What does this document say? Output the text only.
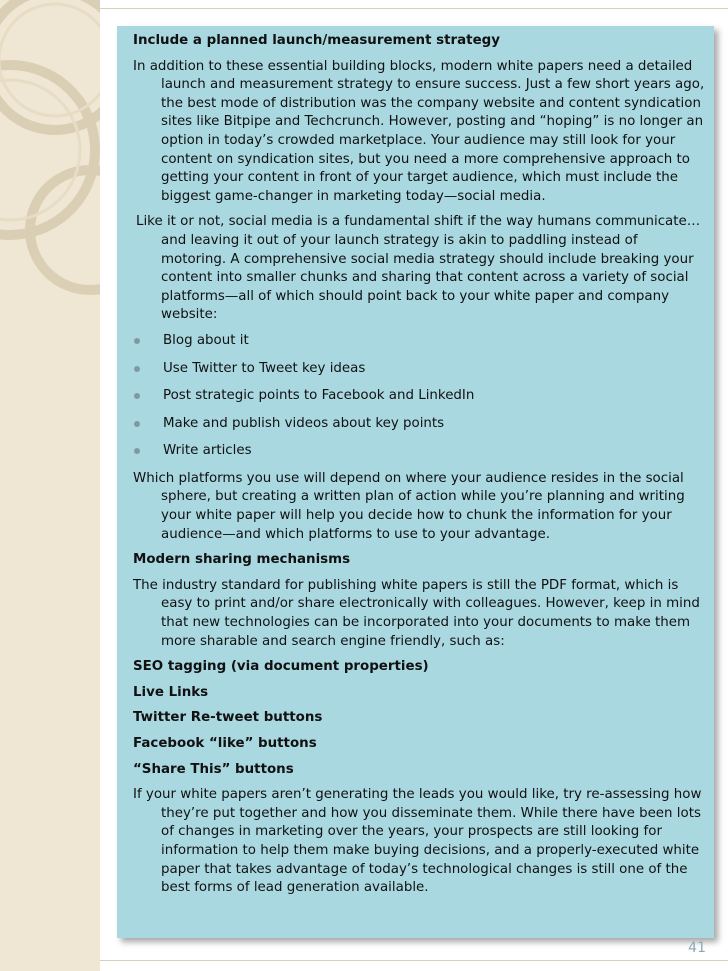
Include a planned launch/measurement strategy
In addition to these essential building blocks, modern white papers need a detailed launch and measurement strategy to ensure success. Just a few short years ago, the best mode of distribution was the company website and content syndication sites like Bitpipe and Techcrunch. However, posting and “hoping” is no longer an option in today’s crowded marketplace. Your audience may still look for your content on syndication sites, but you need a more comprehensive approach to getting your content in front of your target audience, which must include the biggest game-changer in marketing today—social media.
Like it or not, social media is a fundamental shift if the way humans communicate…and leaving it out of your launch strategy is akin to paddling instead of motoring. A comprehensive social media strategy should include breaking your content into smaller chunks and sharing that content across a variety of social platforms—all of which should point back to your white paper and company website:
Blog about it
Use Twitter to Tweet key ideas
Post strategic points to Facebook and LinkedIn
Make and publish videos about key points
Write articles
Which platforms you use will depend on where your audience resides in the social sphere, but creating a written plan of action while you’re planning and writing your white paper will help you decide how to chunk the information for your audience—and which platforms to use to your advantage.
Modern sharing mechanisms
The industry standard for publishing white papers is still the PDF format, which is easy to print and/or share electronically with colleagues. However, keep in mind that new technologies can be incorporated into your documents to make them more sharable and search engine friendly, such as:
SEO tagging (via document properties)
Live Links
Twitter Re-tweet buttons
Facebook “like” buttons
“Share This” buttons
If your white papers aren’t generating the leads you would like, try re-assessing how they’re put together and how you disseminate them. While there have been lots of changes in marketing over the years, your prospects are still looking for information to help them make buying decisions, and a properly-executed white paper that takes advantage of today’s technological changes is still one of the best forms of lead generation available.
41
